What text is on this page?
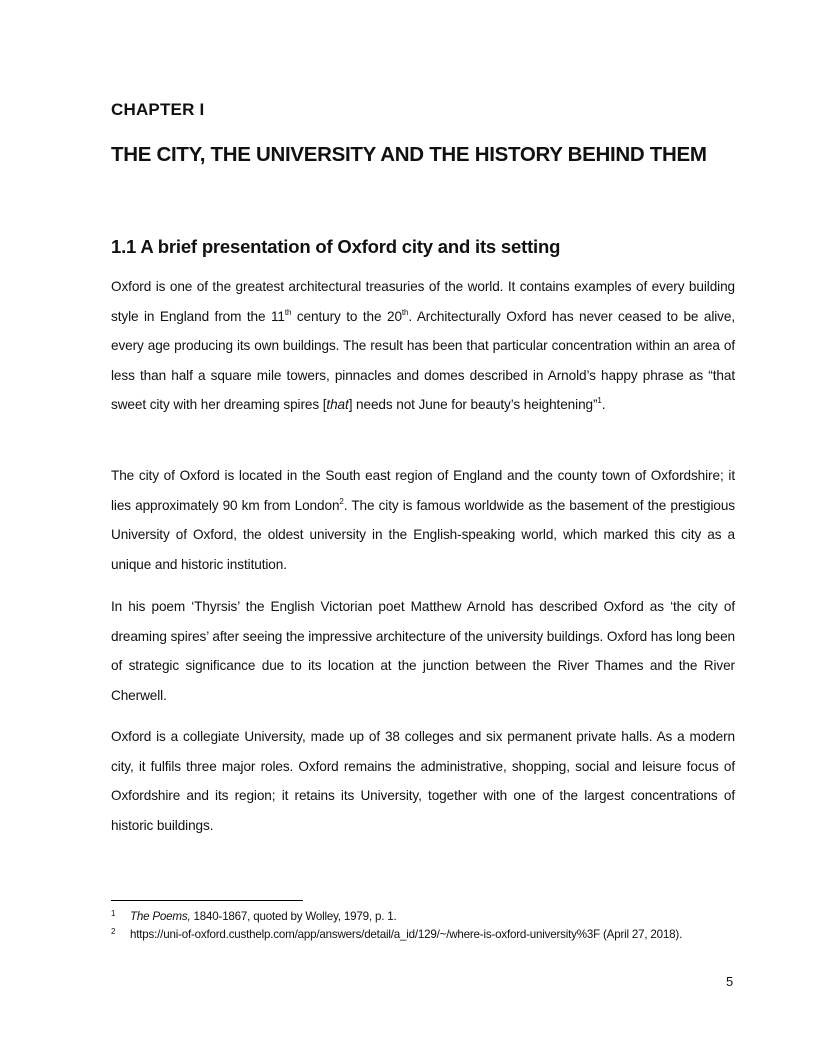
CHAPTER I
THE CITY, THE UNIVERSITY AND THE HISTORY BEHIND THEM
1.1 A brief presentation of Oxford city and its setting

Oxford is one of the greatest architectural treasuries of the world. It contains examples of every building style in England from the 11th century to the 20th. Architecturally Oxford has never ceased to be alive, every age producing its own buildings. The result has been that particular concentration within an area of less than half a square mile towers, pinnacles and domes described in Arnold’s happy phrase as “that sweet city with her dreaming spires [that] needs not June for beauty’s heightening”$^1$.

The city of Oxford is located in the South east region of England and the county town of Oxfordshire; it lies approximately 90 km from London$^2$. The city is famous worldwide as the basement of the prestigious University of Oxford, the oldest university in the English-speaking world, which marked this city as a unique and historic institution.

In his poem ‘Thyrsis’ the English Victorian poet Matthew Arnold has described Oxford as ‘the city of dreaming spires’ after seeing the impressive architecture of the university buildings. Oxford has long been of strategic significance due to its location at the junction between the River Thames and the River Cherwell.

Oxford is a collegiate University, made up of 38 colleges and six permanent private halls. As a modern city, it fulfils three major roles. Oxford remains the administrative, shopping, social and leisure focus of Oxfordshire and its region; it retains its University, together with one of the largest concentrations of historic buildings.

1 The Poems, 1840-1867, quoted by Wolley, 1979, p. 1.
2 https://uni-of-oxford.custhelp.com/app/answers/detail/a_id/129/~/where-is-oxford-university%3F (April 27, 2018).
5
